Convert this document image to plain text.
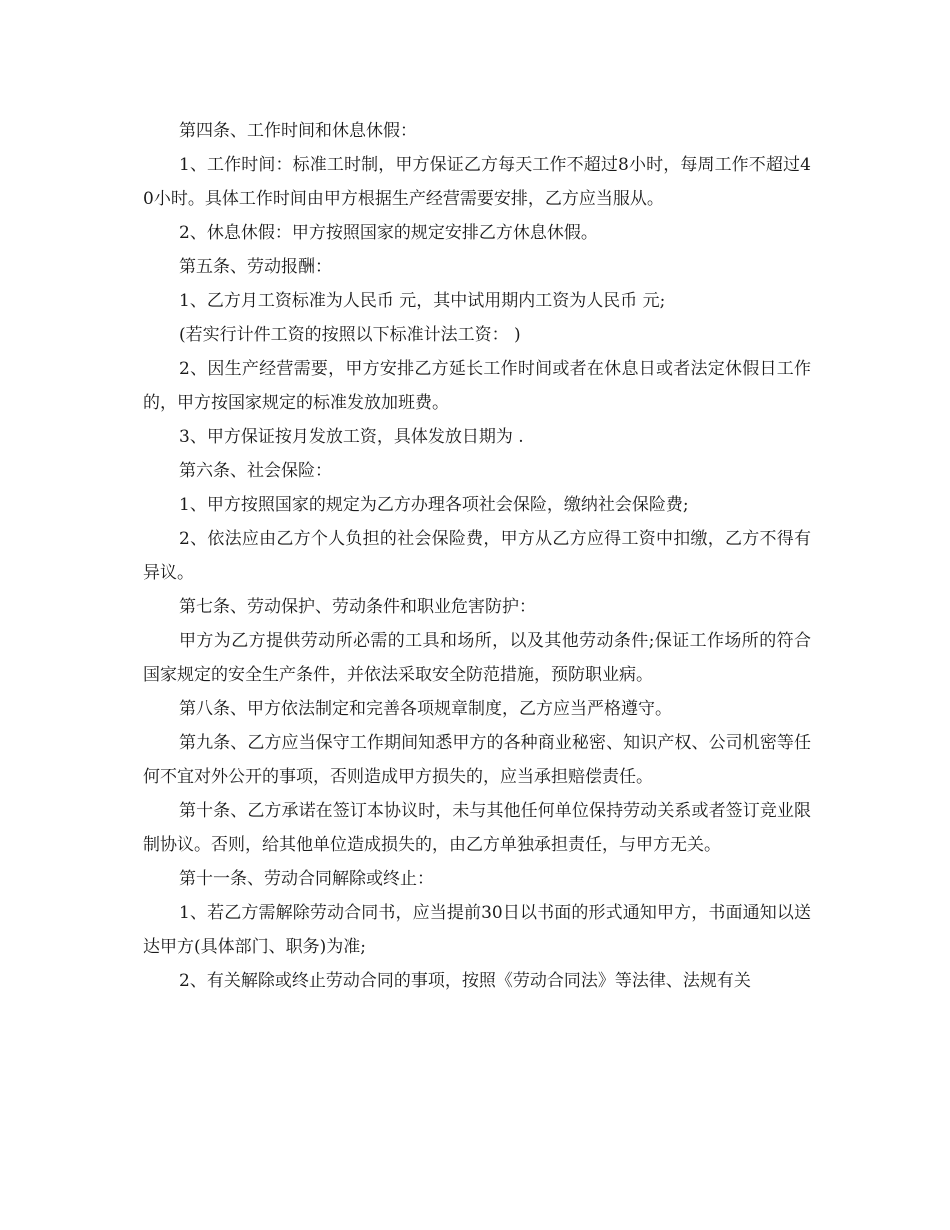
第四条、工作时间和休息休假：

1、工作时间：标准工时制，甲方保证乙方每天工作不超过8小时，每周工作不超过40小时。具体工作时间由甲方根据生产经营需要安排，乙方应当服从。

2、休息休假：甲方按照国家的规定安排乙方休息休假。

第五条、劳动报酬：

1、乙方月工资标准为人民币 元，其中试用期内工资为人民币 元;

(若实行计件工资的按照以下标准计法工资： )

2、因生产经营需要，甲方安排乙方延长工作时间或者在休息日或者法定休假日工作的，甲方按国家规定的标准发放加班费。

3、甲方保证按月发放工资，具体发放日期为 .

第六条、社会保险：

1、甲方按照国家的规定为乙方办理各项社会保险，缴纳社会保险费;

2、依法应由乙方个人负担的社会保险费，甲方从乙方应得工资中扣缴，乙方不得有异议。

第七条、劳动保护、劳动条件和职业危害防护：

甲方为乙方提供劳动所必需的工具和场所，以及其他劳动条件;保证工作场所的符合国家规定的安全生产条件，并依法采取安全防范措施，预防职业病。

第八条、甲方依法制定和完善各项规章制度，乙方应当严格遵守。

第九条、乙方应当保守工作期间知悉甲方的各种商业秘密、知识产权、公司机密等任何不宜对外公开的事项，否则造成甲方损失的，应当承担赔偿责任。

第十条、乙方承诺在签订本协议时，未与其他任何单位保持劳动关系或者签订竞业限制协议。否则，给其他单位造成损失的，由乙方单独承担责任，与甲方无关。

第十一条、劳动合同解除或终止：

1、若乙方需解除劳动合同书，应当提前30日以书面的形式通知甲方，书面通知以送达甲方(具体部门、职务)为准;

2、有关解除或终止劳动合同的事项，按照《劳动合同法》等法律、法规有关
